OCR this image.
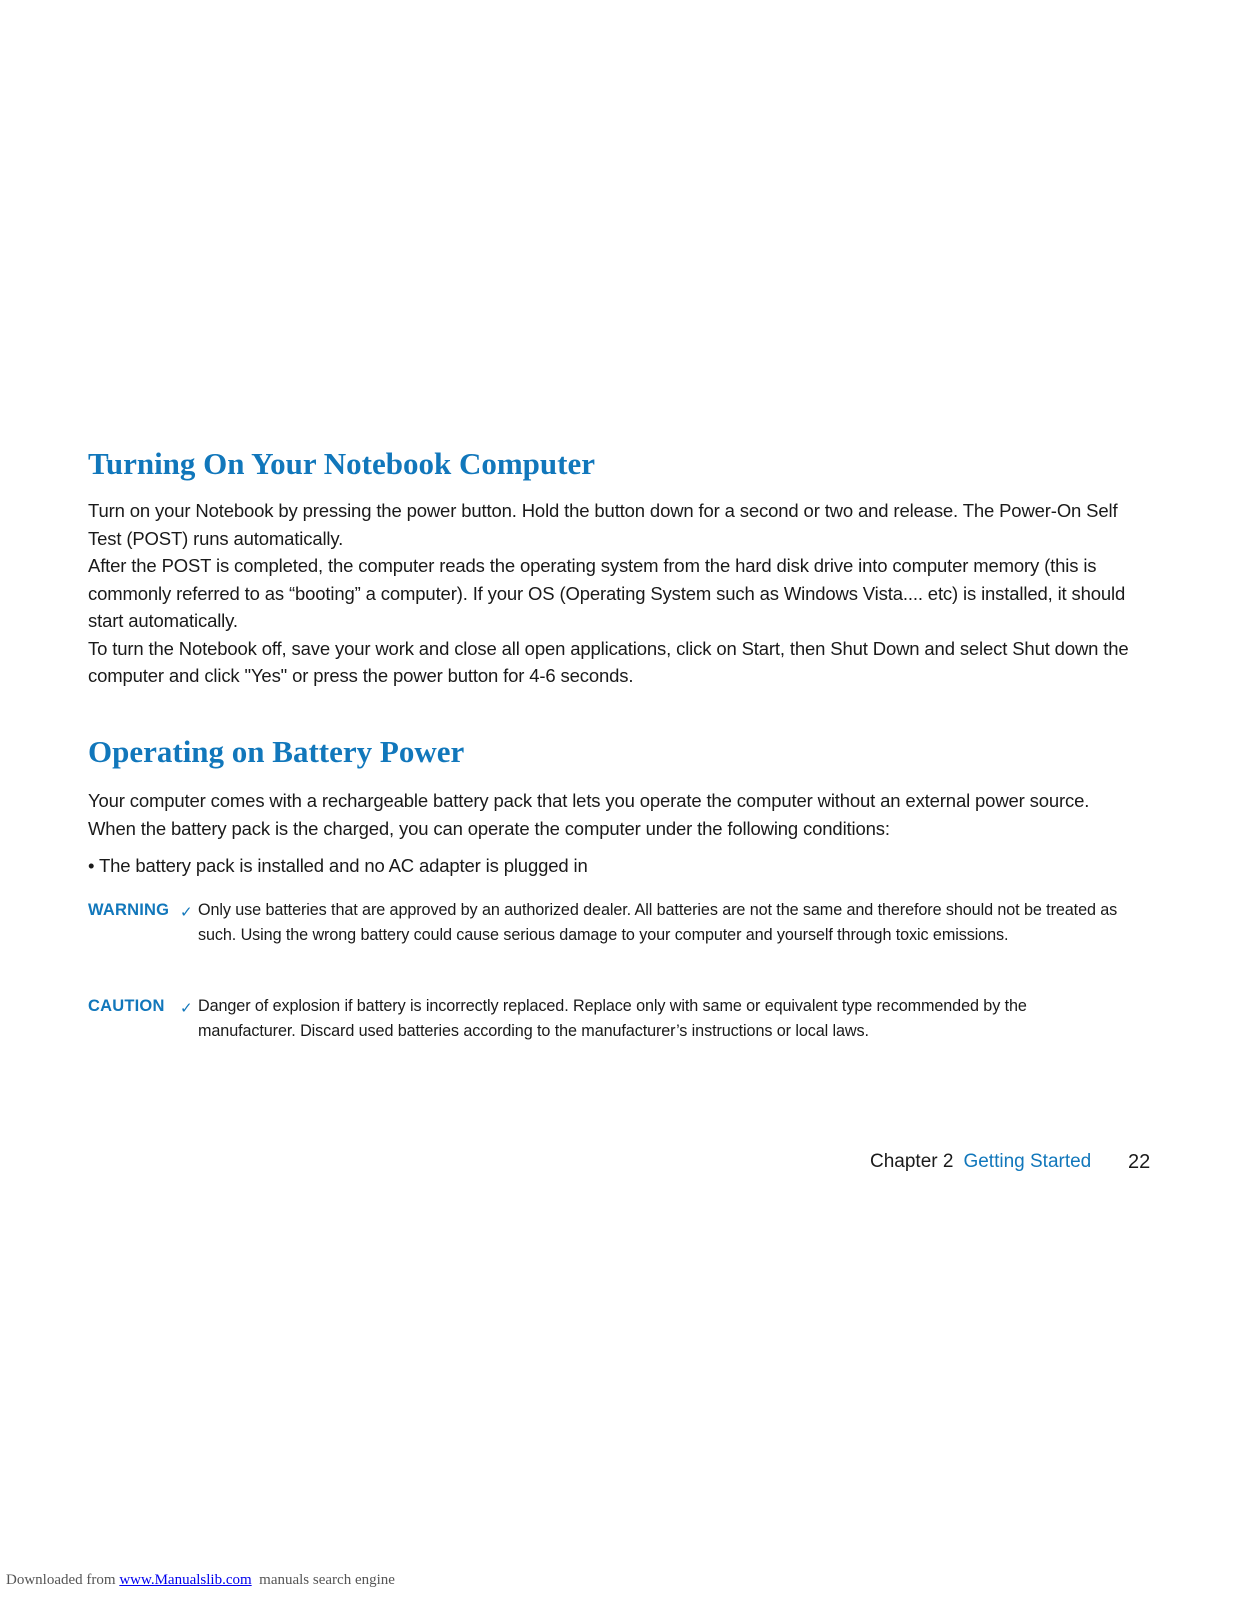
Turning On Your Notebook Computer

Turn on your Notebook by pressing the power button. Hold the button down for a second or two and release. The Power-On Self Test (POST) runs automatically.
After the POST is completed, the computer reads the operating system from the hard disk drive into computer memory (this is commonly referred to as “booting” a computer). If your OS (Operating System such as Windows Vista.... etc) is installed, it should start automatically.
To turn the Notebook off, save your work and close all open applications, click on Start, then Shut Down and select Shut down the computer and click "Yes" or press the power button for 4-6 seconds.

Operating on Battery Power

Your computer comes with a rechargeable battery pack that lets you operate the computer without an external power source. When the battery pack is the charged, you can operate the computer under the following conditions:

• The battery pack is installed and no AC adapter is plugged in

WARNING ✓ Only use batteries that are approved by an authorized dealer. All batteries are not the same and therefore should not be treated as such. Using the wrong battery could cause serious damage to your computer and yourself through toxic emissions.

CAUTION ✓ Danger of explosion if battery is incorrectly replaced. Replace only with same or equivalent type recommended by the manufacturer. Discard used batteries according to the manufacturer’s instructions or local laws.

Chapter 2 Getting Started 22
Downloaded from www.Manualslib.com  manuals search engine
